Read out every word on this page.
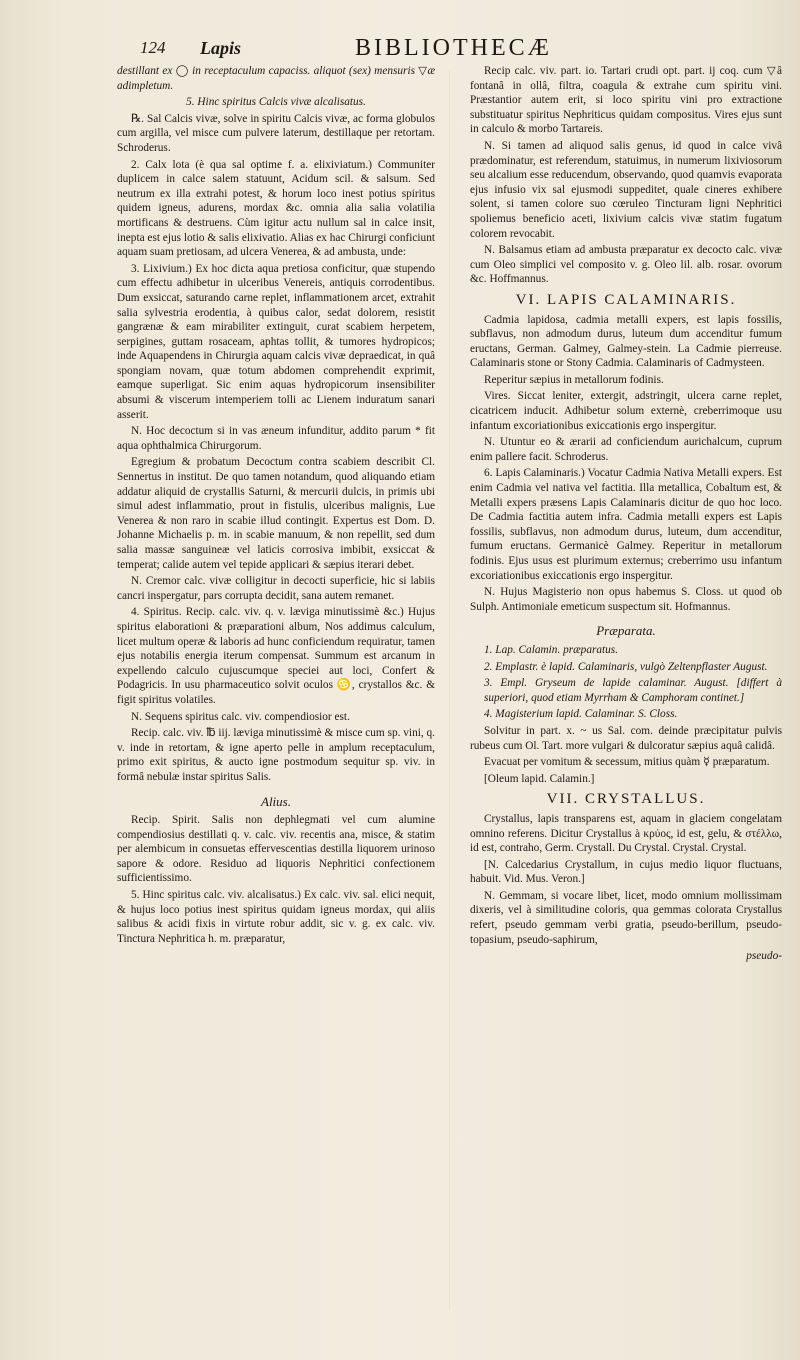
124 Lapis	BIBLIOTHECÆ

destillant ex ◯ in receptaculum capaciss. aliquot (sex) mensuris ▽æ adimpletum.

5. Hinc spiritus Calcis vivæ alcalisatus.

℞. Sal Calcis vivæ, solve in spiritu Calcis vivæ, ac forma globulos cum argilla, vel misce cum pulvere laterum, destillaque per retortam. Schroderus.

2. Calx lota (è qua sal optime f. a. elixiviatum.) Communiter duplicem in calce salem statuunt, Acidum scil. & salsum. Sed neutrum ex illa extrahi potest, & horum loco inest potius spiritus quidem igneus, adurens, mordax &c. omnia alia salia volatilia mortificans & destruens. Cùm igitur actu nullum sal in calce insit, inepta est ejus lotio & salis elixivatio. Alias ex hac Chirurgi conficiunt aquam suam pretiosam, ad ulcera Venerea, & ad ambusta, unde:

3. Lixivium.) Ex hoc dicta aqua pretiosa conficitur, quæ stupendo cum effectu adhibetur in ulceribus Venereis, antiquis corrodentibus. Dum exsiccat, saturando carne replet, inflammationem arcet, extrahit salia sylvestria erodentia, à quibus calor, sedat dolorem, resistit gangrænæ & eam mirabiliter extinguit, curat scabiem herpetem, serpigines, guttam rosaceam, aphtas tollit, & tumores hydropicos; inde Aquapendens in Chirurgia aquam calcis vivæ depraedicat, in quâ spongiam novam, quæ totum abdomen comprehendit exprimit, eamque superligat. Sic enim aquas hydropicorum insensibiliter absumi & viscerum intemperiem tolli ac Lienem induratum sanari asserit.

N. Hoc decoctum si in vas æneum infunditur, addito parum * fit aqua ophthalmica Chirurgorum.

Egregium & probatum Decoctum contra scabiem describit Cl. Sennertus in institut. De quo tamen notandum, quod aliquando etiam addatur aliquid de crystallis Saturni, & mercurii dulcis, in primis ubi simul adest inflammatio, prout in fistulis, ulceribus malignis, Lue Venerea & non raro in scabie illud contingit. Expertus est Dom. D. Johanne Michaelis p. m. in scabie manuum, & non repellit, sed dum salia massæ sanguineæ vel laticis corrosiva imbibit, exsiccat & temperat; calide autem vel tepide applicari & sæpius iterari debet.

N. Cremor calc. vivæ colligitur in decocti superficie, hic si labiis cancri inspergatur, pars corrupta decidit, sana autem remanet.

4. Spiritus. Recip. calc. viv. q. v. læviga minutissimè &c.) Hujus spiritus elaborationi & præparationi album, Nos addimus calculum, licet multum operæ & laboris ad hunc conficiendum requiratur, tamen ejus notabilis energia iterum compensat. Summum est arcanum in expellendo calculo cujuscumque speciei aut loci, Confert & Podagricis. In usu pharmaceutico solvit oculos ♋, crystallos &c. & figit spiritus volatiles.

N. Sequens spiritus calc. viv. compendiosior est.

Recip. calc. viv. ℔ iij. læviga minutissimè & misce cum sp. vini, q. v. inde in retortam, & igne aperto pelle in amplum receptaculum, primo exit spiritus, & aucto igne postmodum sequitur sp. viv. in formâ nebulæ instar spiritus Salis.

Alius.

Recip. Spirit. Salis non dephlegmati vel cum alumine compendiosius destillati q. v. calc. viv. recentis ana, misce, & statim per alembicum in consuetas effervescentias destilla liquorem urinoso sapore & odore. Residuo ad liquoris Nephritici confectionem sufficientissimo.

5. Hinc spiritus calc. viv. alcalisatus.) Ex calc. viv. sal. elici nequit, & hujus loco potius inest spiritus quidam igneus mordax, qui aliis salibus & acidi fixis in virtute robur addit, sic v. g. ex calc. viv. Tinctura Nephritica h. m. præparatur,

Recip calc. viv. part. io. Tartari crudi opt. part. ij coq. cum ▽â fontanâ in ollâ, filtra, coagula & extrahe cum spiritu vini. Præstantior autem erit, si loco spiritu vini pro extractione substituatur spiritus Nephriticus quidam compositus. Vires ejus sunt in calculo & morbo Tartareis.

N. Si tamen ad aliquod salis genus, id quod in calce vivâ prædominatur, est referendum, statuimus, in numerum lixiviosorum seu alcalium esse reducendum, observando, quod quamvis evaporata ejus infusio vix sal ejusmodi suppeditet, quale cineres exhibere solent, si tamen colore suo cœruleo Tincturam ligni Nephritici spoliemus beneficio aceti, lixivium calcis vivæ statim fugatum colorem revocabit.

N. Balsamus etiam ad ambusta præparatur ex decocto calc. vivæ cum Oleo simplici vel composito v. g. Oleo lil. alb. rosar. ovorum &c. Hoffmannus.

VI. LAPIS CALAMINARIS.

Cadmia lapidosa, cadmia metalli expers, est lapis fossilis, subflavus, non admodum durus, luteum dum accenditur fumum eructans, German. Galmey, Galmey-stein. La Cadmie pierreuse. Calaminaris stone or Stony Cadmia. Calaminaris of Cadmysteen.

Reperitur sæpius in metallorum fodinis.

Vires. Siccat leniter, extergit, adstringit, ulcera carne replet, cicatricem inducit. Adhibetur solum externè, creberrimoque usu infantum excoriationibus exiccationis ergo inspergitur.

N. Utuntur eo & ærarii ad conficiendum aurichalcum, cuprum enim pallere facit. Schroderus.

6. Lapis Calaminaris.) Vocatur Cadmia Nativa Metalli expers. Est enim Cadmia vel nativa vel factitia. Illa metallica, Cobaltum est, & Metalli expers præsens Lapis Calaminaris dicitur de quo hoc loco. De Cadmia factitia autem infra. Cadmia metalli expers est Lapis fossilis, subflavus, non admodum durus, luteum, dum accenditur, fumum eructans. Germanicè Galmey. Reperitur in metallorum fodinis. Ejus usus est plurimum externus; creberrimo usu infantum excoriationibus exiccationis ergo inspergitur.

N. Hujus Magisterio non opus habemus S. Closs. ut quod ob Sulph. Antimoniale emeticum suspectum sit. Hofmannus.

Præparata.

1. Lap. Calamin. præparatus.

2. Emplastr. è lapid. Calaminaris, vulgò Zeltenpflaster August.

3. Empl. Gryseum de lapide calaminar. August. [differt à superiori, quod etiam Myrrham & Camphoram continet.]

4. Magisterium lapid. Calaminar. S. Closs.

Solvitur in part. x. ~ us Sal. com. deinde præcipitatur pulvis rubeus cum Ol. Tart. more vulgari & dulcoratur sæpius aquâ calidâ.

Evacuat per vomitum & secessum, mitius quàm ☿ præparatum.

[Oleum lapid. Calamin.]

VII. CRYSTALLUS.

Crystallus, lapis transparens est, aquam in glaciem congelatam omnino referens. Dicitur Crystallus à κρύος, id est, gelu, & στέλλω, id est, contraho, Germ. Crystall. Du Crystal. Crystal. Crystal.

[N. Calcedarius Crystallum, in cujus medio liquor fluctuans, habuit. Vid. Mus. Veron.]

N. Gemmam, si vocare libet, licet, modo omnium mollissimam dixeris, vel à similitudine coloris, qua gemmas colorata Crystallus refert, pseudo gemmam verbi gratia, pseudo-berillum, pseudo-topasium, pseudo-saphirum,

pseudo-
